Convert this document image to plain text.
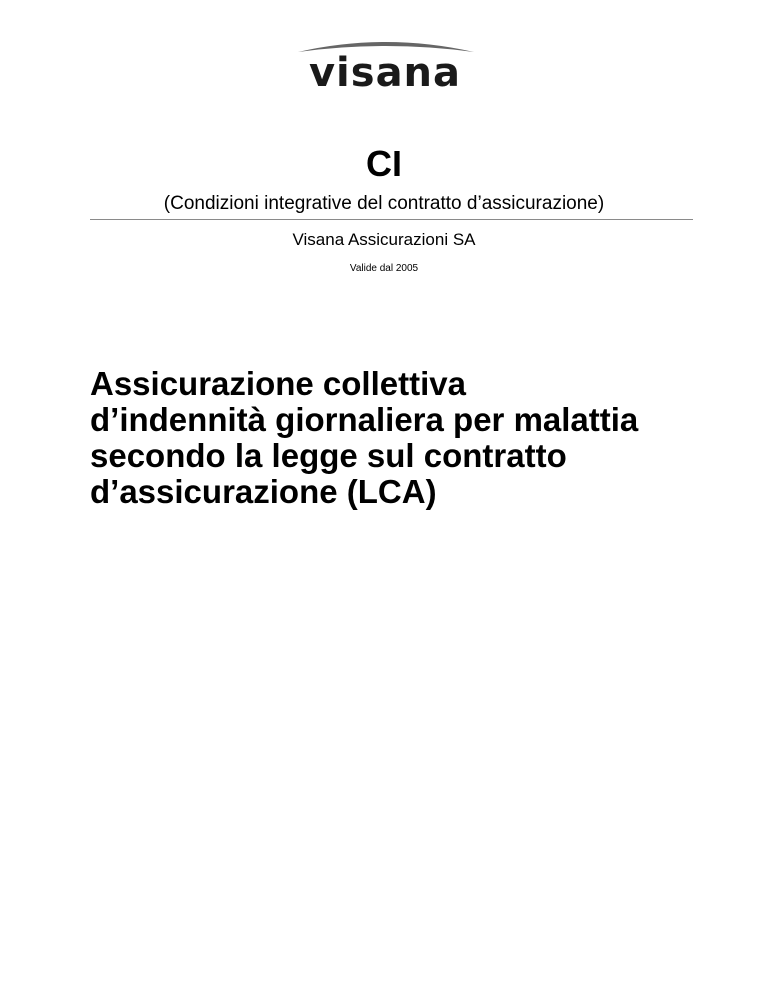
visana
CI
(Condizioni integrative del contratto d’assicurazione)
Visana Assicurazioni SA
Valide dal 2005
Assicurazione collettiva
d’indennità giornaliera per malattia
secondo la legge sul contratto
d’assicurazione (LCA)
